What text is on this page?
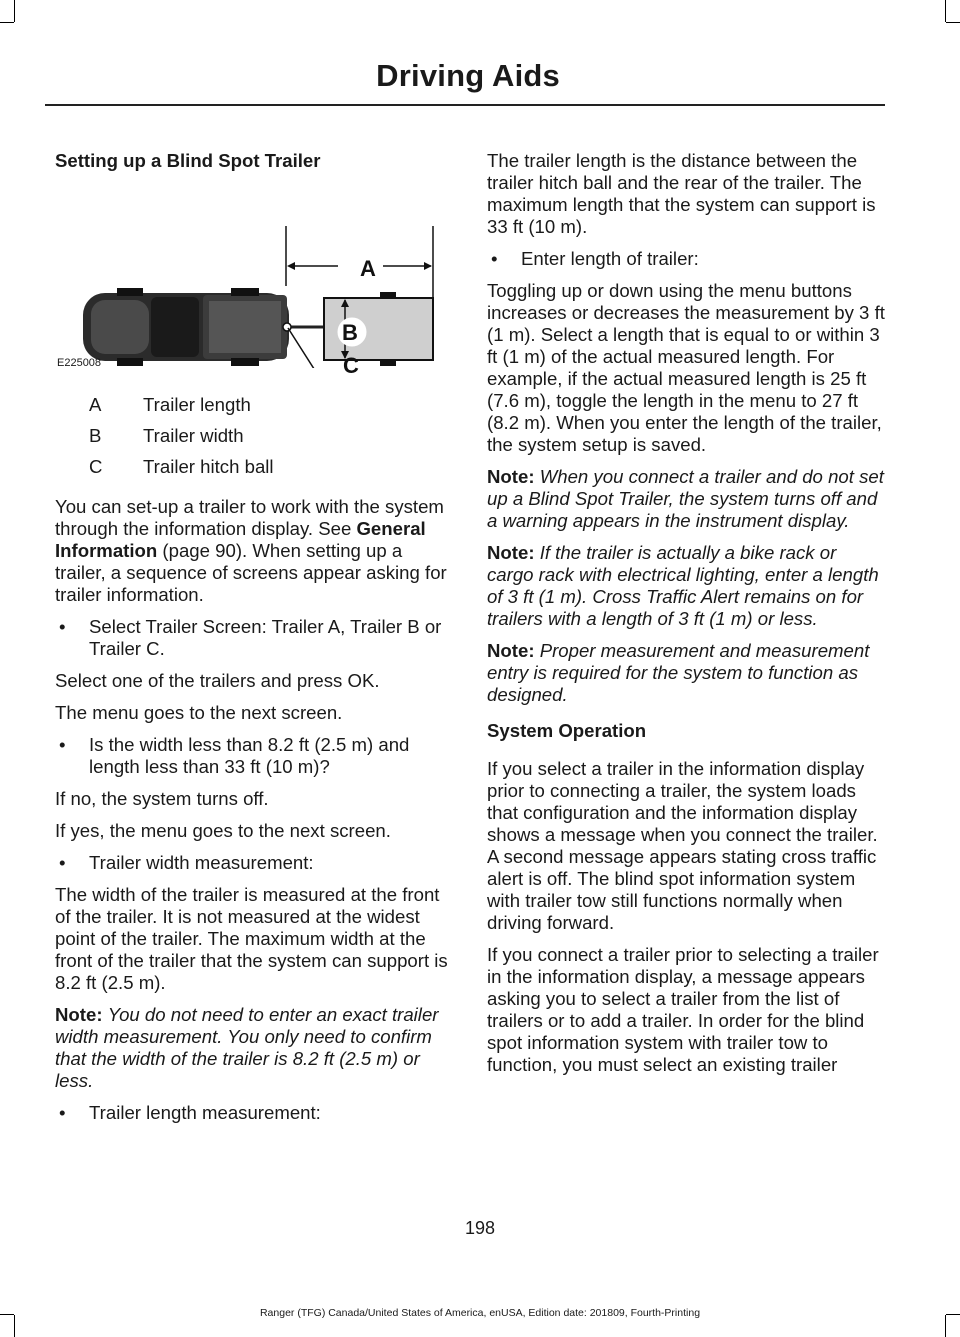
Driving Aids
Setting up a Blind Spot Trailer
A
B
E225008	C
A	Trailer length
B	Trailer width
C	Trailer hitch ball

You can set-up a trailer to work with the system through the information display. See General Information (page 90). When setting up a trailer, a sequence of screens appear asking for trailer information.

• Select Trailer Screen: Trailer A, Trailer B or Trailer C.

Select one of the trailers and press OK.

The menu goes to the next screen.

• Is the width less than 8.2 ft (2.5 m) and length less than 33 ft (10 m)?

If no, the system turns off.

If yes, the menu goes to the next screen.

• Trailer width measurement:

The width of the trailer is measured at the front of the trailer. It is not measured at the widest point of the trailer. The maximum width at the front of the trailer that the system can support is 8.2 ft (2.5 m).

Note: You do not need to enter an exact trailer width measurement. You only need to confirm that the width of the trailer is 8.2 ft (2.5 m) or less.

• Trailer length measurement:

The trailer length is the distance between the trailer hitch ball and the rear of the trailer. The maximum length that the system can support is 33 ft (10 m).

• Enter length of trailer:

Toggling up or down using the menu buttons increases or decreases the measurement by 3 ft (1 m). Select a length that is equal to or within 3 ft (1 m) of the actual measured length. For example, if the actual measured length is 25 ft (7.6 m), toggle the length in the menu to 27 ft (8.2 m). When you enter the length of the trailer, the system setup is saved.

Note: When you connect a trailer and do not set up a Blind Spot Trailer, the system turns off and a warning appears in the instrument display.

Note: If the trailer is actually a bike rack or cargo rack with electrical lighting, enter a length of 3 ft (1 m). Cross Traffic Alert remains on for trailers with a length of 3 ft (1 m) or less.

Note: Proper measurement and measurement entry is required for the system to function as designed.

System Operation

If you select a trailer in the information display prior to connecting a trailer, the system loads that configuration and the information display shows a message when you connect the trailer. A second message appears stating cross traffic alert is off. The blind spot information system with trailer tow still functions normally when driving forward.

If you connect a trailer prior to selecting a trailer in the information display, a message appears asking you to select a trailer from the list of trailers or to add a trailer. In order for the blind spot information system with trailer tow to function, you must select an existing trailer

198
Ranger (TFG) Canada/United States of America, enUSA, Edition date: 201809, Fourth-Printing
